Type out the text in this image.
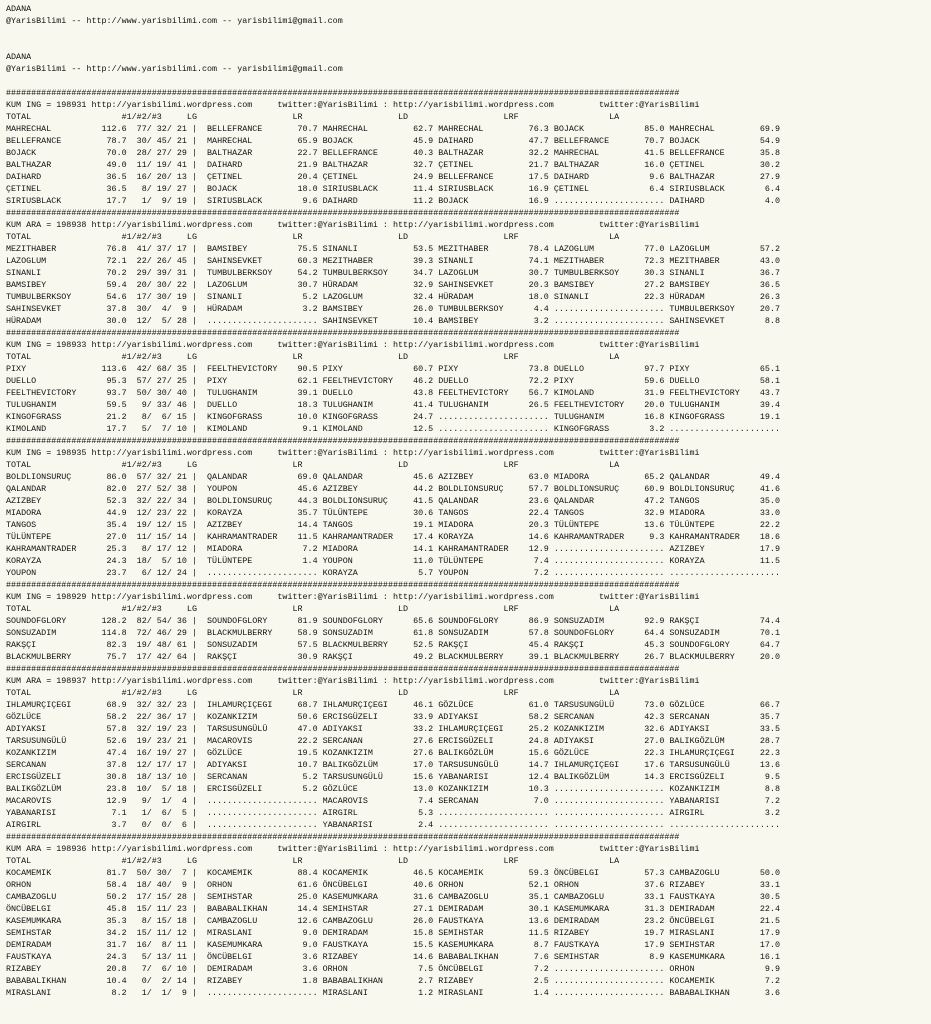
ADANA
@YarisBilimi -- http://www.yarisbilimi.com -- yarisbilimi@gmail.com

ADANA
@YarisBilimi -- http://www.yarisbilimi.com -- yarisbilimi@gmail.com

######################################################################################################################################
KUM ING = 198931 http://yarisbilimi.wordpress.com     twitter:@YarisBilimi : http://yarisbilimi.wordpress.com         twitter:@YarisBilimi
TOTAL                  #1/#2/#3     LG                   LR                   LD                   LRF                  LA
MAHRECHAL          112.6  77/ 32/ 21 |  BELLEFRANCE       70.7 MAHRECHAL         62.7 MAHRECHAL         76.3 BOJACK            85.0 MAHRECHAL         69.9
BELLEFRANCE         78.7  30/ 45/ 21 |  MAHRECHAL         65.9 BOJACK            45.9 DAIHARD           47.7 BELLEFRANCE       70.7 BOJACK            54.9
BOJACK              70.0  28/ 27/ 29 |  BALTHAZAR         22.7 BELLEFRANCE       40.3 BALTHAZAR         32.2 MAHRECHAL         41.5 BELLEFRANCE       35.8
BALTHAZAR           49.0  11/ 19/ 41 |  DAIHARD           21.9 BALTHAZAR         32.7 ÇETINEL           21.7 BALTHAZAR         16.0 ÇETINEL           30.2
DAIHARD             36.5  16/ 20/ 13 |  ÇETINEL           20.4 ÇETINEL           24.9 BELLEFRANCE       17.5 DAIHARD            9.6 BALTHAZAR         27.9
ÇETINEL             36.5   8/ 19/ 27 |  BOJACK            18.0 SIRIUSBLACK       11.4 SIRIUSBLACK       16.9 ÇETINEL            6.4 SIRIUSBLACK        6.4
SIRIUSBLACK         17.7   1/  9/ 19 |  SIRIUSBLACK        9.6 DAIHARD           11.2 BOJACK            16.9 ...................... DAIHARD            4.0
######################################################################################################################################
KUM ARA = 198938 http://yarisbilimi.wordpress.com     twitter:@YarisBilimi : http://yarisbilimi.wordpress.com         twitter:@YarisBilimi
TOTAL                  #1/#2/#3     LG                   LR                   LD                   LRF                  LA
MEZITHABER          76.8  41/ 37/ 17 |  BAMSIBEY          75.5 SINANLI           53.5 MEZITHABER        78.4 LAZOGLUM          77.0 LAZOGLUM          57.2
LAZOGLUM            72.1  22/ 26/ 45 |  SAHINSEVKET       60.3 MEZITHABER        39.3 SINANLI           74.1 MEZITHABER        72.3 MEZITHABER        43.0
SINANLI             70.2  29/ 39/ 31 |  TUMBULBERKSOY     54.2 TUMBULBERKSOY     34.7 LAZOGLUM          30.7 TUMBULBERKSOY     30.3 SINANLI           36.7
BAMSIBEY            59.4  20/ 30/ 22 |  LAZOGLUM          30.7 HÜRADAM           32.9 SAHINSEVKET       20.3 BAMSIBEY          27.2 BAMSIBEY          36.5
TUMBULBERKSOY       54.6  17/ 30/ 19 |  SINANLI            5.2 LAZOGLUM          32.4 HÜRADAM           18.0 SINANLI           22.3 HÜRADAM           26.3
SAHINSEVKET         37.8  30/  4/  9 |  HÜRADAM            3.2 BAMSIBEY          26.0 TUMBULBERKSOY      4.4 ...................... TUMBULBERKSOY     20.7
HÜRADAM             30.0  12/  5/ 28 |  ...................... SAHINSEVKET       10.4 BAMSIBEY           3.2 ...................... SAHINSEVKET        8.8
######################################################################################################################################
KUM ING = 198933 http://yarisbilimi.wordpress.com     twitter:@YarisBilimi : http://yarisbilimi.wordpress.com         twitter:@YarisBilimi
TOTAL                  #1/#2/#3     LG                   LR                   LD                   LRF                  LA
PIXY               113.6  42/ 68/ 35 |  FEELTHEVICTORY    90.5 PIXY              60.7 PIXY              73.8 DUELLO            97.7 PIXY              65.1
DUELLO              95.3  57/ 27/ 25 |  PIXY              62.1 FEELTHEVICTORY    46.2 DUELLO            72.2 PIXY              59.6 DUELLO            58.1
FEELTHEVICTORY      93.7  50/ 30/ 40 |  TULUGHANIM        39.1 DUELLO            43.8 FEELTHEVICTORY    56.7 KIMOLAND          31.9 FEELTHEVICTORY    43.7
TULUGHANIM          59.5   9/ 33/ 46 |  DUELLO            18.3 TULUGHANIM        41.4 TULUGHANIM        26.5 FEELTHEVICTORY    20.0 TULUGHANIM        39.4
KINGOFGRASS         21.2   8/  6/ 15 |  KINGOFGRASS       10.0 KINGOFGRASS       24.7 ...................... TULUGHANIM        16.8 KINGOFGRASS       19.1
KIMOLAND            17.7   5/  7/ 10 |  KIMOLAND           9.1 KIMOLAND          12.5 ...................... KINGOFGRASS        3.2 ......................
######################################################################################################################################
KUM ING = 198935 http://yarisbilimi.wordpress.com     twitter:@YarisBilimi : http://yarisbilimi.wordpress.com         twitter:@YarisBilimi
TOTAL                  #1/#2/#3     LG                   LR                   LD                   LRF                  LA
BOLDLIONSURUÇ       86.0  57/ 32/ 21 |  QALANDAR          69.0 QALANDAR          45.6 AZIZBEY           63.0 MIADORA           65.2 QALANDAR          49.4
QALANDAR            82.0  27/ 52/ 38 |  YOUPON            45.6 AZIZBEY           44.2 BOLDLIONSURUÇ     57.7 BOLDLIONSURUÇ     60.9 BOLDLIONSURUÇ     41.6
AZIZBEY             52.3  32/ 22/ 34 |  BOLDLIONSURUÇ     44.3 BOLDLIONSURUÇ     41.5 QALANDAR          23.6 QALANDAR          47.2 TANGOS            35.0
MIADORA             44.9  12/ 23/ 22 |  KORAYZA           35.7 TÜLÜNTEPE         30.6 TANGOS            22.4 TANGOS            32.9 MIADORA           33.0
TANGOS              35.4  19/ 12/ 15 |  AZIZBEY           14.4 TANGOS            19.1 MIADORA           20.3 TÜLÜNTEPE         13.6 TÜLÜNTEPE         22.2
TÜLÜNTEPE           27.0  11/ 15/ 14 |  KAHRAMANTRADER    11.5 KAHRAMANTRADER    17.4 KORAYZA           14.6 KAHRAMANTRADER     9.3 KAHRAMANTRADER    18.6
KAHRAMANTRADER      25.3   8/ 17/ 12 |  MIADORA            7.2 MIADORA           14.1 KAHRAMANTRADER    12.9 ...................... AZIZBEY           17.9
KORAYZA             24.3  18/  5/ 10 |  TÜLÜNTEPE          1.4 YOUPON            11.0 TÜLÜNTEPE          7.4 ...................... KORAYZA           11.5
YOUPON              23.7   6/ 12/ 24 |  ...................... KORAYZA            5.7 YOUPON             7.2 ...................... ......................
######################################################################################################################################
KUM ING = 198929 http://yarisbilimi.wordpress.com     twitter:@YarisBilimi : http://yarisbilimi.wordpress.com         twitter:@YarisBilimi
TOTAL                  #1/#2/#3     LG                   LR                   LD                   LRF                  LA
SOUNDOFGLORY       128.2  82/ 54/ 36 |  SOUNDOFGLORY      81.9 SOUNDOFGLORY      65.6 SOUNDOFGLORY      86.9 SONSUZADIM        92.9 RAKŞÇI            74.4
SONSUZADIM         114.8  72/ 46/ 29 |  BLACKMULBERRY     58.9 SONSUZADIM        61.8 SONSUZADIM        57.8 SOUNDOFGLORY      64.4 SONSUZADIM        70.1
RAKŞÇI              82.3  19/ 48/ 61 |  SONSUZADIM        57.5 BLACKMULBERRY     52.5 RAKŞÇI            45.4 RAKŞÇI            45.3 SOUNDOFGLORY      64.7
BLACKMULBERRY       75.7  17/ 42/ 64 |  RAKŞÇI            30.9 RAKŞÇI            49.2 BLACKMULBERRY     39.1 BLACKMULBERRY     26.7 BLACKMULBERRY     20.0
######################################################################################################################################
KUM ARA = 198937 http://yarisbilimi.wordpress.com     twitter:@YarisBilimi : http://yarisbilimi.wordpress.com         twitter:@YarisBilimi
TOTAL                  #1/#2/#3     LG                   LR                   LD                   LRF                  LA
IHLAMURÇIÇEGI       68.9  32/ 32/ 23 |  IHLAMURÇIÇEGI     68.7 IHLAMURÇIÇEGI     46.1 GÖZLÜCE           61.0 TARSUSUNGÜLÜ      73.0 GÖZLÜCE           66.7
GÖZLÜCE             58.2  22/ 36/ 17 |  KOZANKIZIM        50.6 ERCISGÜZELI       33.9 ADIYAKSI          58.2 SERCANAN          42.3 SERCANAN          35.7
ADIYAKSI            57.8  32/ 19/ 23 |  TARSUSUNGÜLÜ      47.0 ADIYAKSI          33.2 IHLAMURÇIÇEGI     25.2 KOZANKIZIM        32.6 ADIYAKSI          33.5
TARSUSUNGÜLÜ        52.6  19/ 23/ 21 |  MACAROVIS         22.2 SERCANAN          27.6 ERCISGÜZELI       24.8 ADIYAKSI          27.0 BALIKGÖZLÜM       28.7
KOZANKIZIM          47.4  16/ 19/ 27 |  GÖZLÜCE           19.5 KOZANKIZIM        27.6 BALIKGÖZLÜM       15.6 GÖZLÜCE           22.3 IHLAMURÇIÇEGI     22.3
SERCANAN            37.8  12/ 17/ 17 |  ADIYAKSI          10.7 BALIKGÖZLÜM       17.0 TARSUSUNGÜLÜ      14.7 IHLAMURÇIÇEGI     17.6 TARSUSUNGÜLÜ      13.6
ERCISGÜZELI         30.8  18/ 13/ 10 |  SERCANAN           5.2 TARSUSUNGÜLÜ      15.6 YABANARISI        12.4 BALIKGÖZLÜM       14.3 ERCISGÜZELI        9.5
BALIKGÖZLÜM         23.8  10/  5/ 18 |  ERCISGÜZELI        5.2 GÖZLÜCE           13.0 KOZANKIZIM        10.3 ...................... KOZANKIZIM         8.8
MACAROVIS           12.9   9/  1/  4 |  ...................... MACAROVIS          7.4 SERCANAN           7.0 ...................... YABANARISI         7.2
YABANARISI           7.1   1/  6/  5 |  ...................... AIRGIRL            5.3 ...................... ...................... AIRGIRL            3.2
AIRGIRL              3.7   0/  0/  6 |  ...................... YABANARISI         2.4 ...................... ...................... ......................
######################################################################################################################################
KUM ARA = 198936 http://yarisbilimi.wordpress.com     twitter:@YarisBilimi : http://yarisbilimi.wordpress.com         twitter:@YarisBilimi
TOTAL                  #1/#2/#3     LG                   LR                   LD                   LRF                  LA
KOCAMEMIK           81.7  50/ 30/  7 |  KOCAMEMIK         88.4 KOCAMEMIK         46.5 KOCAMEMIK         59.3 ÖNCÜBELGI         57.3 CAMBAZOGLU        50.0
ORHON               58.4  18/ 40/  9 |  ORHON             61.6 ÖNCÜBELGI         40.6 ORHON             52.1 ORHON             37.6 RIZABEY           33.1
CAMBAZOGLU          50.2  17/ 15/ 28 |  SEMIHSTAR         25.0 KASEMUMKARA       31.6 CAMBAZOGLU        35.1 CAMBAZOGLU        33.1 FAUSTKAYA         30.5
ÖNCÜBELGI           45.8  15/ 11/ 23 |  BABABALIKHAN      14.4 SEMIHSTAR         27.1 DEMIRADAM         30.1 KASEMUMKARA       31.3 DEMIRADAM         22.4
KASEMUMKARA         35.3   8/ 15/ 18 |  CAMBAZOGLU        12.6 CAMBAZOGLU        26.0 FAUSTKAYA         13.6 DEMIRADAM         23.2 ÖNCÜBELGI         21.5
SEMIHSTAR           34.2  15/ 11/ 12 |  MIRASLANI          9.0 DEMIRADAM         15.8 SEMIHSTAR         11.5 RIZABEY           19.7 MIRASLANI         17.9
DEMIRADAM           31.7  16/  8/ 11 |  KASEMUMKARA        9.0 FAUSTKAYA         15.5 KASEMUMKARA        8.7 FAUSTKAYA         17.9 SEMIHSTAR         17.0
FAUSTKAYA           24.3   5/ 13/ 11 |  ÖNCÜBELGI          3.6 RIZABEY           14.6 BABABALIKHAN       7.6 SEMIHSTAR          8.9 KASEMUMKARA       16.1
RIZABEY             20.8   7/  6/ 10 |  DEMIRADAM          3.6 ORHON              7.5 ÖNCÜBELGI          7.2 ...................... ORHON              9.9
BABABALIKHAN        10.4   0/  2/ 14 |  RIZABEY            1.8 BABABALIKHAN       2.7 RIZABEY            2.5 ...................... KOCAMEMIK          7.2
MIRASLANI            8.2   1/  1/  9 |  ...................... MIRASLANI          1.2 MIRASLANI          1.4 ...................... BABABALIKHAN       3.6
